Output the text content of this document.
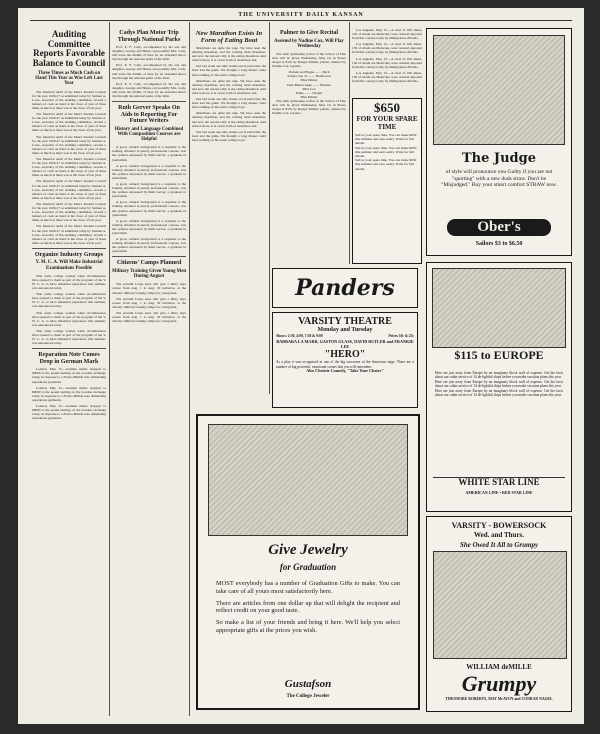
THE UNIVERSITY DAILY KANSAN
Auditing Committee Reports Favorable Balance to Council
Three Times as Much Cash on Hand This Year as Was Left Last Year

The financial audit of the Men's Student Council for the year 1926-27 as submitted today by Samuel A. Lowe, secretary of the auditing committee, reveals a balance of cash on hand at the close of year of three times as much as there was at the close of last year.

The financial audit of the Men's Student Council for the year 1926-27 as submitted today by Samuel A. Lowe, secretary of the auditing committee, reveals a balance of cash on hand at the close of year of three times as much as there was at the close of last year.

The financial audit of the Men's Student Council for the year 1926-27 as submitted today by Samuel A. Lowe, secretary of the auditing committee, reveals a balance of cash on hand at the close of year of three times as much as there was at the close of last year.

The financial audit of the Men's Student Council for the year 1926-27 as submitted today by Samuel A. Lowe, secretary of the auditing committee, reveals a balance of cash on hand at the close of year of three times as much as there was at the close of last year.

The financial audit of the Men's Student Council for the year 1926-27 as submitted today by Samuel A. Lowe, secretary of the auditing committee, reveals a balance of cash on hand at the close of year of three times as much as there was at the close of last year.

The financial audit of the Men's Student Council for the year 1926-27 as submitted today by Samuel A. Lowe, secretary of the auditing committee, reveals a balance of cash on hand at the close of year of three times as much as there was at the close of last year.

The financial audit of the Men's Student Council for the year 1926-27 as submitted today by Samuel A. Lowe, secretary of the auditing committee, reveals a balance of cash on hand at the close of year of three times as much as there was at the close of last year.

Organize Industry Groups
Y. M. C. A. Will Make Industrial Examinations Possible

That some college women when circumstances have opened to them as part of the program of the Y. W. C. A. to have industrial experience this summer, was announced today.

That some college women when circumstances have opened to them as part of the program of the Y. W. C. A. to have industrial experience this summer, was announced today.

That some college women when circumstances have opened to them as part of the program of the Y. W. C. A. to have industrial experience this summer, was announced today.

That some college women when circumstances have opened to them as part of the program of the Y. W. C. A. to have industrial experience this summer, was announced today.

Reparation Note Comes Drop in German Mark

London, May 15.—German marks dropped to 69000 to the pound sterling on the London exchange today, in response to a Franco-British note demanding reparations payments.

London, May 15.—German marks dropped to 69000 to the pound sterling on the London exchange today, in response to a Franco-British note demanding reparations payments.

London, May 15.—German marks dropped to 69000 to the pound sterling on the London exchange today, in response to a Franco-British note demanding reparations payments.

Cadys Plan Motor Trip Through National Parks

Prof. E. F. Cady, accompanied by his son and daughter, George and Helen, and possibly Mrs. Cady, will leave the middle of June for an extended motor trip through the national parks of the West.

Prof. E. F. Cady, accompanied by his son and daughter, George and Helen, and possibly Mrs. Cady, will leave the middle of June for an extended motor trip through the national parks of the West.

Prof. E. F. Cady, accompanied by his son and daughter, George and Helen, and possibly Mrs. Cady, will leave the middle of June for an extended motor trip through the national parks of the West.

Ruth Gerver Speaks On Aids to Reporting For Future Writers
History and Language Combined With Composition Courses are Helpful

A good, cultural background is a requisite to the training obtained in purely professional courses, was the opinion expressed by Ruth Gerver, a graduate in journalism.

A good, cultural background is a requisite to the training obtained in purely professional courses, was the opinion expressed by Ruth Gerver, a graduate in journalism.

A good, cultural background is a requisite to the training obtained in purely professional courses, was the opinion expressed by Ruth Gerver, a graduate in journalism.

A good, cultural background is a requisite to the training obtained in purely professional courses, was the opinion expressed by Ruth Gerver, a graduate in journalism.

A good, cultural background is a requisite to the training obtained in purely professional courses, was the opinion expressed by Ruth Gerver, a graduate in journalism.

A good, cultural background is a requisite to the training obtained in purely professional courses, was the opinion expressed by Ruth Gerver, a graduate in journalism.

Citizens' Camps Planned
Military Training Given Young Men During August

The seventh Corps Area will give a thirty days course from Aug. 1 to Aug. 30 inclusive, at the citizens' military training camps for young men.

The seventh Corps Area will give a thirty days course from Aug. 1 to Aug. 30 inclusive, at the citizens' military training camps for young men.

The seventh Corps Area will give a thirty days course from Aug. 1 to Aug. 30 inclusive, at the citizens' military training camps for young men.

New Marathon Exists In Form of Eating Bout

Marathons are quite the rage. We have seen the dancing marathon, and the rocking chair marathon, and now the newest rally is the eating marathon. And what is more, it is a new form of endurance test.

Just last week one rally stands out in particular, the feast and the game. We thought a long dinner could have nothing on the usual college boys.

Marathons are quite the rage. We have seen the dancing marathon, and the rocking chair marathon, and now the newest rally is the eating marathon. And what is more, it is a new form of endurance test.

Just last week one rally stands out in particular, the feast and the game. We thought a long dinner could have nothing on the usual college boys.

Marathons are quite the rage. We have seen the dancing marathon, and the rocking chair marathon, and now the newest rally is the eating marathon. And what is more, it is a new form of endurance test.

Just last week one rally stands out in particular, the feast and the game. We thought a long dinner could have nothing on the usual college boys.

Palmer to Give Recital
Assisted by Nadine Cox, Will Play Wednesday

The sixth graduating recital of the School of Fine Arts will be given Wednesday, May 16, in Fraser chapel at 8:20, by Rodger Palmer, pianist, assisted by Nadine Cox, soprano.

Prelude and Fugue ........ Bach
Sonata, Op. 31 ........ Beethoven
Miss Palmer
Dein Blaues Auge ........ Brahms
Miss Cox
Etude ........ Chopin
Miss Palmer

The sixth graduating recital of the School of Fine Arts will be given Wednesday, May 16, in Fraser chapel at 8:20, by Rodger Palmer, pianist, assisted by Nadine Cox, soprano.

Los Angeles, May 15.—A total of 166 aliens, 130 of whom are Mexicans, were ordered deported from this country today by immigration officials.

Los Angeles, May 15.—A total of 166 aliens, 130 of whom are Mexicans, were ordered deported from this country today by immigration officials.

Los Angeles, May 15.—A total of 166 aliens, 130 of whom are Mexicans, were ordered deported from this country today by immigration officials.

Los Angeles, May 15.—A total of 166 aliens, 130 of whom are Mexicans, were ordered deported from this country today by immigration officials.

$650
FOR YOUR SPARE TIME

Sell us your spare time. You can make $650 this summer and earn easily. Write for full details.

Sell us your spare time. You can make $650 this summer and earn easily. Write for full details.

Sell us your spare time. You can make $650 this summer and earn easily. Write for full details.

The Judge
of style will pronounce you Guilty if you are not "sporting" with a new duds straw. Don't be "Misjudged." Buy your smart comfort STRAW now.
Ober's
Sailors $3 to $6.50
Panders
VARSITY THEATRE
Monday and Tuesday
Shows: 2:30, 4:00, 7:30 & 9:00	Prices 10c & 25c
BARBARA LA MARR, GASTON GLASS, DAVID BUTLER and FRANKIE LEE
"HERO"

As a play it was recognized as one of the big successes of the American stage. There are a number of big powerful, emotional scenes that you will remember.

Also Christie Comedy, "Take Your Choice"
$115 to EUROPE

Here are just away from Europe by an imaginary block wall of expense. Get the facts about our cabin service of 14 de-lightful ships before you make vacation plans this year.

Here are just away from Europe by an imaginary block wall of expense. Get the facts about our cabin service of 14 de-lightful ships before you make vacation plans this year.

Here are just away from Europe by an imaginary block wall of expense. Get the facts about our cabin service of 14 de-lightful ships before you make vacation plans this year.

WHITE STAR LINE
AMERICAN LINE • RED STAR LINE
Give Jewelry
for Graduation

MOST everybody has a number of Graduation Gifts to make. You can take care of all yours most satisfactorily here.

There are articles from one dollar up that will delight the recipient and reflect credit on your good taste.

So make a list of your friends and bring it here. We'll help you select appropriate gifts at the prices you wish.

Gustafson
The College Jeweler
VARSITY - BOWERSOCK
Wed. and Thurs.
She Owed It All to Grumpy
WILLIAM deMILLE
Grumpy
THEODORE ROBERTS, MAY McAVOY and CONRAD NAGEL
